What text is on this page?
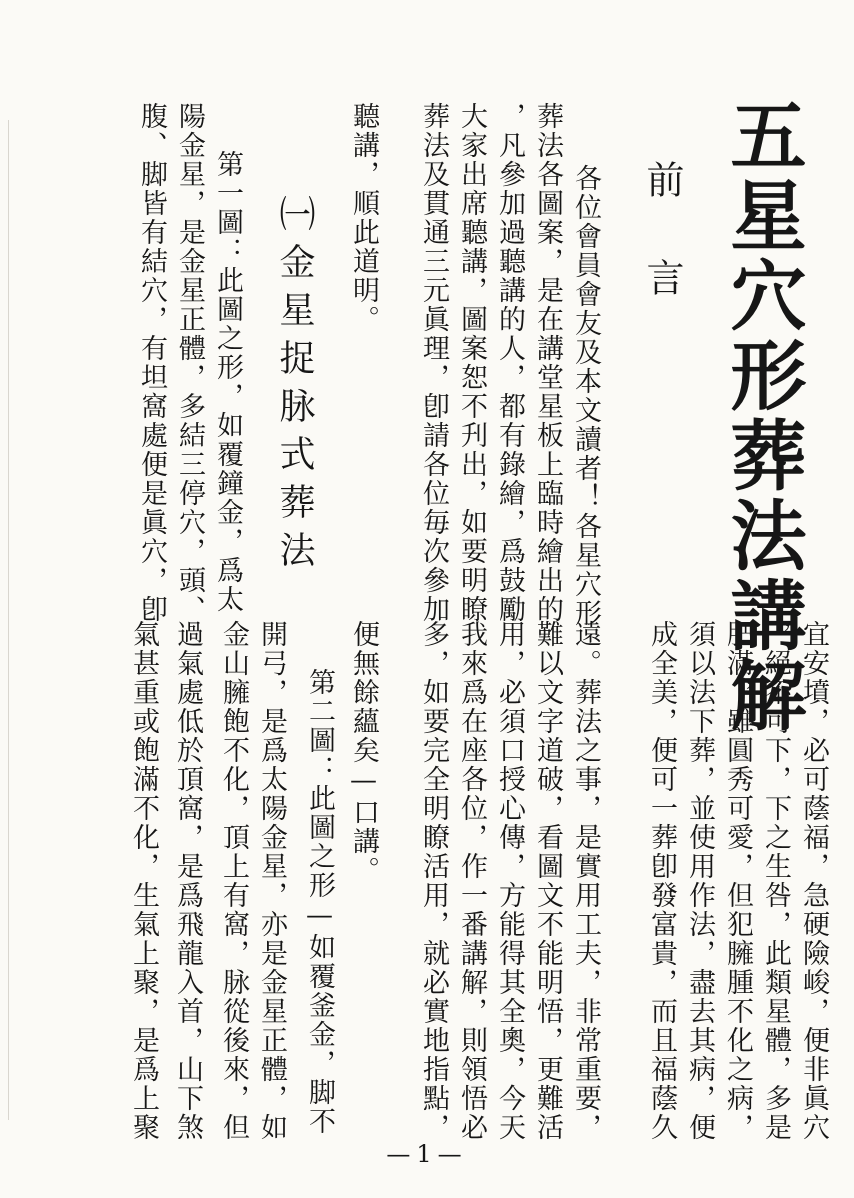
五星穴形葬法講解
前言
各位會員會友及本文讀者！各星穴形
葬法各圖案，是在講堂星板上臨時繪出的
，凡參加過聽講的人，都有錄繪，爲鼓勵
大家出席聽講，圖案恕不刋出，如要明瞭
葬法及貫通三元眞理，卽請各位毎次參加
聽講，順此道明。
㈠金星捉脉式葬法
第一圖：此圖之形，如覆鐘金，爲太
陽金星，是金星正體，多結三停穴，頭、
腹、脚皆有結穴，有坦窩處便是眞穴，卽
宜安墳，必可蔭福，急硬險峻，便非眞穴
，絕不可下，下之生咎，此類星體，多是
肥滿，雖圓秀可愛，但犯臃腫不化之病，
須以法下葬，並使用作法，盡去其病，便
成全美，便可一葬卽發富貴，而且福蔭久
遠。葬法之事，是實用工夫，非常重要，
難以文字道破，看圖文不能明悟，更難活
用，必須口授心傳，方能得其全奧，今天
我來爲在座各位，作一番講解，則領悟必
多，如要完全明瞭活用，就必實地指點，
便無餘蘊矣—口講。
第二圖：此圖之形—如覆釜金，脚不
開弓，是爲太陽金星，亦是金星正體，如
金山臃飽不化，頂上有窩，脉從後來，但
過氣處低於頂窩，是爲飛龍入首，山下煞
氣甚重或飽滿不化，生氣上聚，是爲上聚
—1—
